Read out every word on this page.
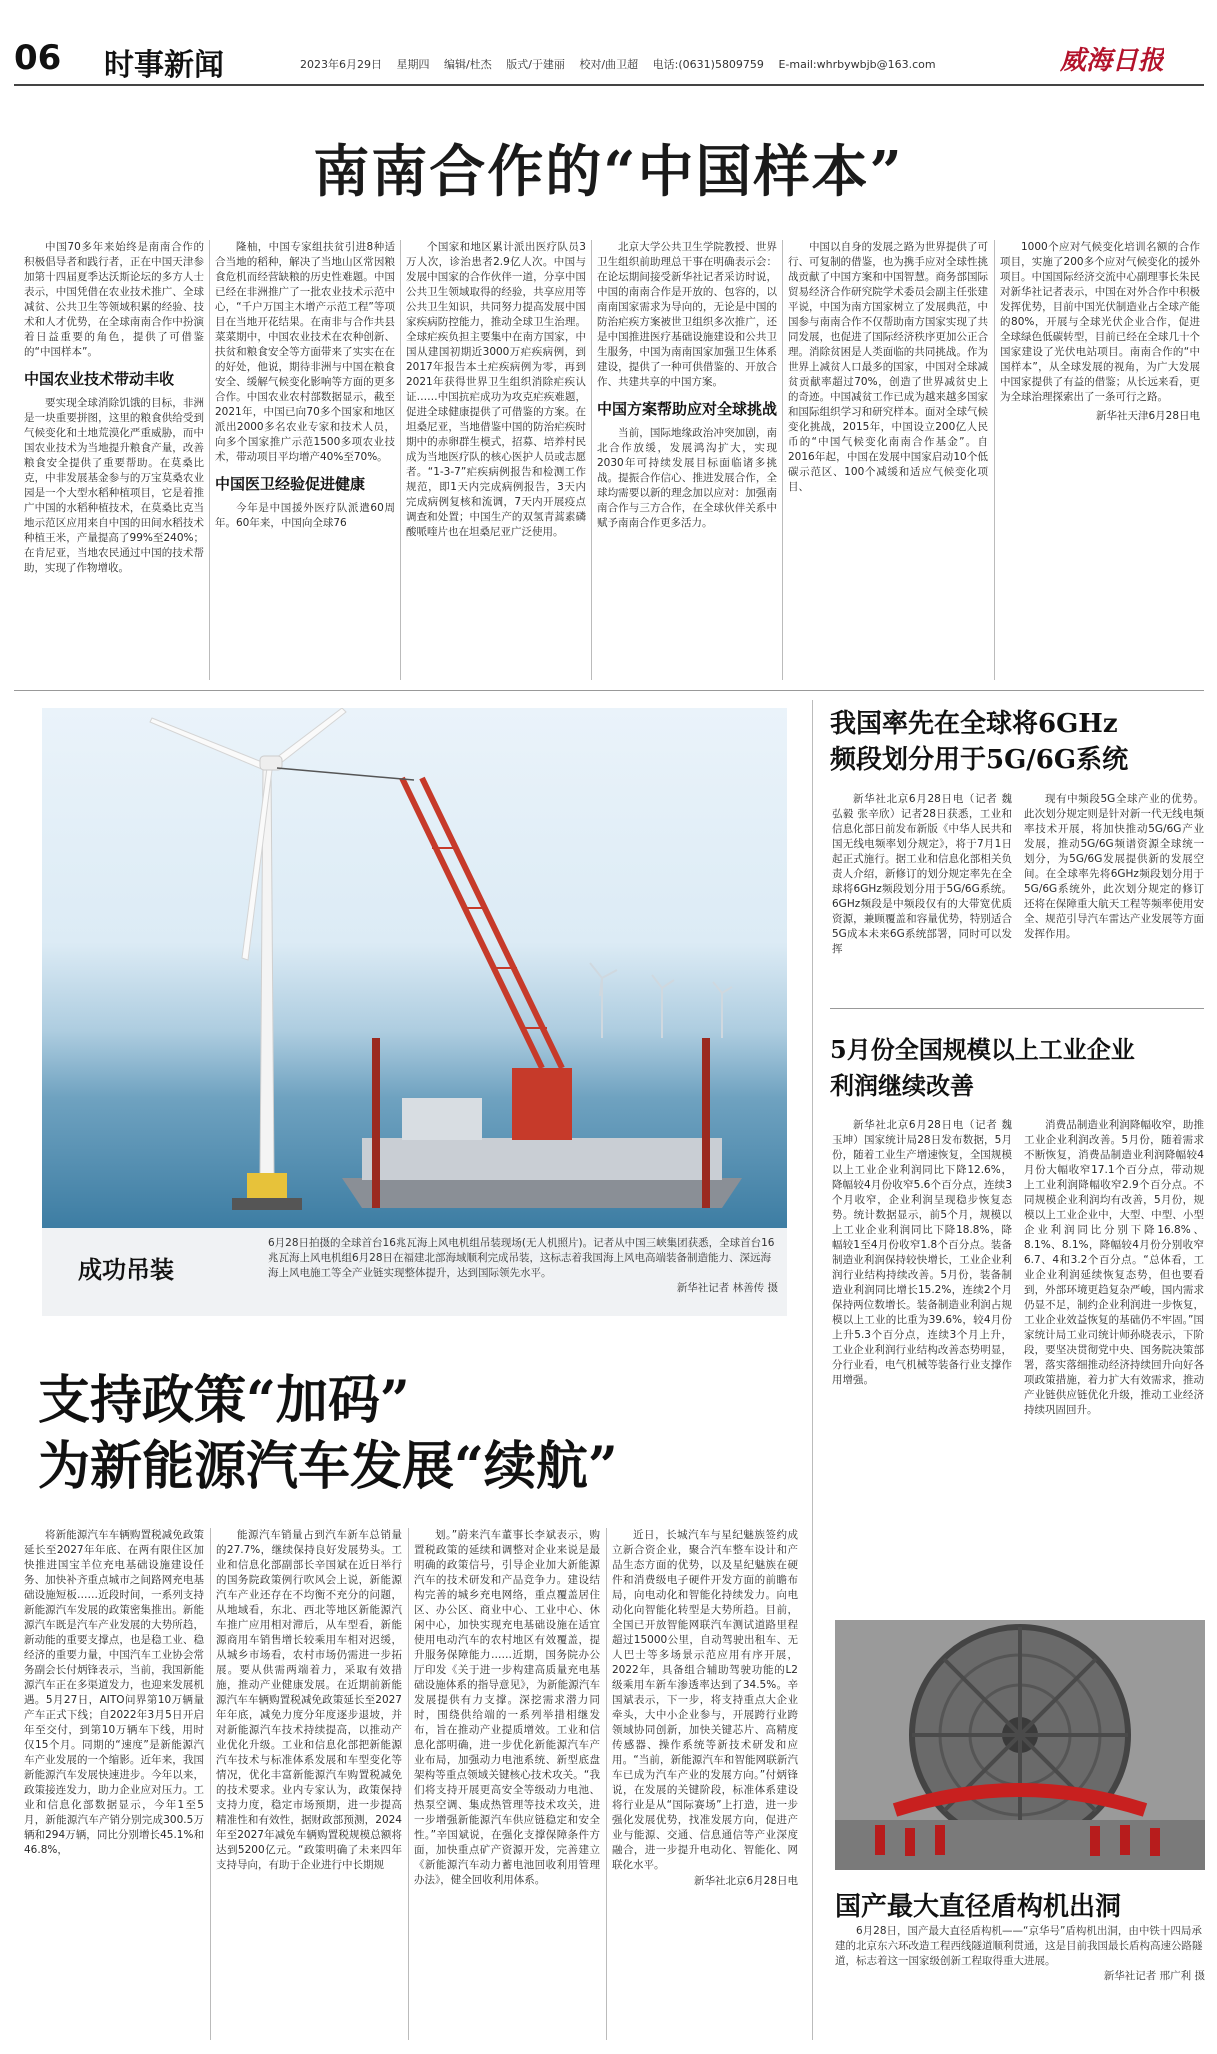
06 时事新闻	2023年6月29日 星期四 编辑/杜杰 版式/于建丽 校对/曲卫超 电话:(0631)5809759 E-mail:whrbywbjb@163.com	威海日报
南南合作的“中国样本”

中国70多年来始终是南南合作的积极倡导者和践行者，正在中国天津参加第十四届夏季达沃斯论坛的多方人士表示，中国凭借在农业技术推广、全球减贫、公共卫生等领域积累的经验、技术和人才优势，在全球南南合作中扮演着日益重要的角色，提供了可借鉴的“中国样本”。

中国农业技术带动丰收

要实现全球消除饥饿的目标，非洲是一块重要拼图，这里的粮食供给受到气候变化和土地荒漠化严重威胁，而中国农业技术为当地提升粮食产量，改善粮食安全提供了重要帮助。在莫桑比克，中非发展基金参与的万宝莫桑农业园是一个大型水稻种植项目，它是着推广中国的水稻种植技术，在莫桑比克当地示范区应用来自中国的田间水稻技术种植王米，产量提高了99%至240%；在肯尼亚，当地农民通过中国的技术帮助，实现了作物增收。

隆柚，中国专家组扶贫引进8种适合当地的稻种，解决了当地山区常因粮食危机而经营缺粮的历史性难题。中国已经在非洲推广了一批农业技术示范中心，“千户万国主木增产示范工程”等项目在当地开花结果。在南非与合作共县菜菜期中，中国农业技术在农种创新、扶贫和粮食安全等方面带来了实实在在的好处，他说，期待非洲与中国在粮食安全、缓解气候变化影响等方面的更多合作。中国农业农村部数据显示，截至2021年，中国已向70多个国家和地区派出2000多名农业专家和技术人员，向多个国家推广示范1500多项农业技术，带动项目平均增产40%至70%。

中国医卫经验促进健康

今年是中国援外医疗队派遣60周年。60年来，中国向全球76

个国家和地区累计派出医疗队员3万人次，诊治患者2.9亿人次。中国与发展中国家的合作伙伴一道，分享中国公共卫生领域取得的经验，共享应用等公共卫生知识，共同努力提高发展中国家疾病防控能力，推动全球卫生治理。全球疟疾负担主要集中在南方国家，中国从建国初期近3000万疟疾病例，到2017年报告本土疟疾病例为零，再到2021年获得世界卫生组织消除疟疾认证……中国抗疟成功为攻克疟疾难题，促进全球健康提供了可借鉴的方案。在坦桑尼亚，当地借鉴中国的防治疟疾时期中的赤卵群生模式，招募、培养村民成为当地医疗队的核心医护人员或志愿者。“1-3-7”疟疾病例报告和检测工作规范，即1天内完成病例报告，3天内完成病例复核和流调，7天内开展疫点调查和处置；中国生产的双氢青蒿素磷酸哌喹片也在坦桑尼亚广泛使用。

北京大学公共卫生学院教授、世界卫生组织前助理总干事在明确表示会：在论坛期间接受新华社记者采访时说，中国的南南合作是开放的、包容的，以南南国家需求为导向的，无论是中国的防治疟疾方案被世卫组织多次推广，还是中国推进医疗基础设施建设和公共卫生服务，中国为南南国家加强卫生体系建设，提供了一种可供借鉴的、开放合作、共建共享的中国方案。

中国方案帮助应对全球挑战

当前，国际地缘政治冲突加剧，南北合作放缓，发展鸿沟扩大，实现2030年可持续发展目标面临诸多挑战。提振合作信心、推进发展合作，全球均需要以新的理念加以应对：加强南南合作与三方合作，在全球伙伴关系中赋予南南合作更多活力。

中国以自身的发展之路为世界提供了可行、可复制的借鉴，也为携手应对全球性挑战贡献了中国方案和中国智慧。商务部国际贸易经济合作研究院学术委员会副主任张建平说，中国为南方国家树立了发展典范，中国参与南南合作不仅帮助南方国家实现了共同发展，也促进了国际经济秩序更加公正合理。消除贫困是人类面临的共同挑战。作为世界上减贫人口最多的国家，中国对全球减贫贡献率超过70%，创造了世界减贫史上的奇迹。中国减贫工作已成为越来越多国家和国际组织学习和研究样本。面对全球气候变化挑战，2015年，中国设立200亿人民币的“中国气候变化南南合作基金”。自2016年起，中国在发展中国家启动10个低碳示范区、100个减缓和适应气候变化项目、

1000个应对气候变化培训名额的合作项目，实施了200多个应对气候变化的援外项目。中国国际经济交流中心副理事长朱民对新华社记者表示，中国在对外合作中积极发挥优势，目前中国光伏制造业占全球产能的80%，开展与全球光伏企业合作，促进全球绿色低碳转型，目前已经在全球几十个国家建设了光伏电站项目。南南合作的“中国样本”，从全球发展的视角，为广大发展中国家提供了有益的借鉴；从长远来看，更为全球治理探索出了一条可行之路。

新华社天津6月28日电

成功吊装
6月28日拍摄的全球首台16兆瓦海上风电机组吊装现场(无人机照片)。记者从中国三峡集团获悉，全球首台16兆瓦海上风电机组6月28日在福建北部海域顺利完成吊装，这标志着我国海上风电高端装备制造能力、深远海海上风电施工等全产业链实现整体提升，达到国际领先水平。
新华社记者 林善传 摄
我国率先在全球将6GHz
频段划分用于5G/6G系统

新华社北京6月28日电（记者 魏弘毅 张辛欣）记者28日获悉，工业和信息化部日前发布新版《中华人民共和国无线电频率划分规定》，将于7月1日起正式施行。据工业和信息化部相关负责人介绍，新修订的划分规定率先在全球将6GHz频段划分用于5G/6G系统。6GHz频段是中频段仅有的大带宽优质资源，兼顾覆盖和容量优势，特别适合5G成本未来6G系统部署，同时可以发挥

现有中频段5G全球产业的优势。此次划分规定则是针对新一代无线电频率技术开展，将加快推动5G/6G产业发展，推动5G/6G频谱资源全球统一划分，为5G/6G发展提供新的发展空间。在全球率先将6GHz频段划分用于5G/6G系统外，此次划分规定的修订还将在保障重大航天工程等频率使用安全、规范引导汽车雷达产业发展等方面发挥作用。

5月份全国规模以上工业企业
利润继续改善

新华社北京6月28日电（记者 魏玉坤）国家统计局28日发布数据，5月份，随着工业生产增速恢复，全国规模以上工业企业利润同比下降12.6%，降幅较4月份收窄5.6个百分点，连续3个月收窄，企业利润呈现稳步恢复态势。统计数据显示，前5个月，规模以上工业企业利润同比下降18.8%，降幅较1至4月份收窄1.8个百分点。装备制造业利润保持较快增长，工业企业利润行业结构持续改善。5月份，装备制造业利润同比增长15.2%，连续2个月保持两位数增长。装备制造业利润占规模以上工业的比重为39.6%，较4月份上升5.3个百分点，连续3个月上升，工业企业利润行业结构改善态势明显，分行业看，电气机械等装备行业支撑作用增强。

消费品制造业利润降幅收窄，助推工业企业利润改善。5月份，随着需求不断恢复，消费品制造业利润降幅较4月份大幅收窄17.1个百分点，带动规上工业利润降幅收窄2.9个百分点。不同规模企业利润均有改善，5月份，规模以上工业企业中，大型、中型、小型企业利润同比分别下降16.8%、8.1%、8.1%，降幅较4月份分别收窄6.7、4和3.2个百分点。“总体看，工业企业利润延续恢复态势，但也要看到，外部环境更趋复杂严峻，国内需求仍显不足，制约企业利润进一步恢复，工业企业效益恢复的基础仍不牢固。”国家统计局工业司统计师孙晓表示，下阶段，要坚决贯彻党中央、国务院决策部署，落实落细推动经济持续回升向好各项政策措施，着力扩大有效需求，推动产业链供应链优化升级，推动工业经济持续巩固回升。

支持政策“加码”
为新能源汽车发展“续航”

将新能源汽车车辆购置税减免政策延长至2027年年底、在两有限住区加快推进国宝羊位充电基础设施建设任务、加快补齐重点城市之间路网充电基础设施短板……近段时间，一系列支持新能源汽车发展的政策密集推出。新能源汽车既是汽车产业发展的大势所趋，新动能的重要支撑点，也是稳工业、稳经济的重要力量，中国汽车工业协会常务副会长付炳锋表示，当前，我国新能源汽车正在多渠道发力，也迎来发展机遇。5月27日，AITO问界第10万辆量产车正式下线；自2022年3月5日开启年至交付，到第10万辆车下线，用时仅15个月。同期的“速度”是新能源汽车产业发展的一个缩影。近年来，我国新能源汽车发展快速进步。今年以来，政策接连发力，助力企业应对压力。工业和信息化部数据显示，今年1至5月，新能源汽车产销分别完成300.5万辆和294万辆，同比分别增长45.1%和46.8%，

能源汽车销量占到汽车新车总销量的27.7%，继续保持良好发展势头。工业和信息化部副部长辛国斌在近日举行的国务院政策例行吹风会上说，新能源汽车产业还存在不均衡不充分的问题，从地域看，东北、西北等地区新能源汽车推广应用相对滞后，从车型看，新能源商用车销售增长较乘用车相对迟缓，从城乡市场看，农村市场仍需进一步拓展。要从供需两端着力，采取有效措施，推动产业健康发展。在近期前新能源汽车车辆购置税减免政策延长至2027年年底，减免力度分年度逐步退坡，并对新能源汽车技术持续提高，以推动产业优化升级。工业和信息化部把新能源汽车技术与标准体系发展和车型变化等情况，优化丰富新能源汽车购置税减免的技术要求。业内专家认为，政策保持支持力度，稳定市场预期，进一步提高精准性和有效性，据财政部预测，2024年至2027年减免车辆购置税规模总额将达到5200亿元。“政策明确了未来四年支持导向，有助于企业进行中长期规

划。”蔚来汽车董事长李斌表示，购置税政策的延续和调整对企业来说是最明确的政策信号，引导企业加大新能源汽车的技术研发和产品竞争力。建设结构完善的城乡充电网络，重点覆盖居住区、办公区、商业中心、工业中心、休闲中心，加快实现充电基础设施在适宜使用电动汽车的农村地区有效覆盖，提升服务保障能力……近期，国务院办公厅印发《关于进一步构建高质量充电基础设施体系的指导意见》，为新能源汽车发展提供有力支撑。深挖需求潜力同时，围绕供给端的一系列举措相继发布，旨在推动产业提质增效。工业和信息化部明确，进一步优化新能源汽车产业布局，加强动力电池系统、新型底盘架构等重点领域关键核心技术攻关。“我们将支持开展更高安全等级动力电池、热泵空调、集成热管理等技术攻关，进一步增强新能源汽车供应链稳定和安全性。”辛国斌说，在强化支撑保障条件方面，加快重点矿产资源开发，完善建立《新能源汽车动力蓄电池回收利用管理办法》，健全回收利用体系。

近日，长城汽车与星纪魅族签约成立新合资企业，聚合汽车整车设计和产品生态方面的优势，以及星纪魅族在硬件和消费级电子硬件开发方面的前瞻布局，向电动化和智能化持续发力。向电动化向智能化转型是大势所趋。目前，全国已开放智能网联汽车测试道路里程超过15000公里，自动驾驶出租车、无人巴士等多场景示范应用有序开展，2022年，具备组合辅助驾驶功能的L2级乘用车新车渗透率达到了34.5%。辛国斌表示，下一步，将支持重点大企业牵头，大中小企业参与，开展跨行业跨领域协同创新，加快关键芯片、高精度传感器、操作系统等新技术研发和应用。“当前，新能源汽车和智能网联新汽车已成为汽车产业的发展方向。”付炳锋说，在发展的关键阶段，标准体系建设将行业是从“国际赛场”上打造，进一步强化发展优势，找准发展方向，促进产业与能源、交通、信息通信等产业深度融合，进一步提升电动化、智能化、网联化水平。

新华社北京6月28日电

国产最大直径盾构机出洞
6月28日，国产最大直径盾构机——“京华号”盾构机出洞，由中铁十四局承建的北京东六环改造工程西线隧道顺利贯通，这是目前我国最长盾构高速公路隧道，标志着这一国家级创新工程取得重大进展。
新华社记者 邢广利 摄
